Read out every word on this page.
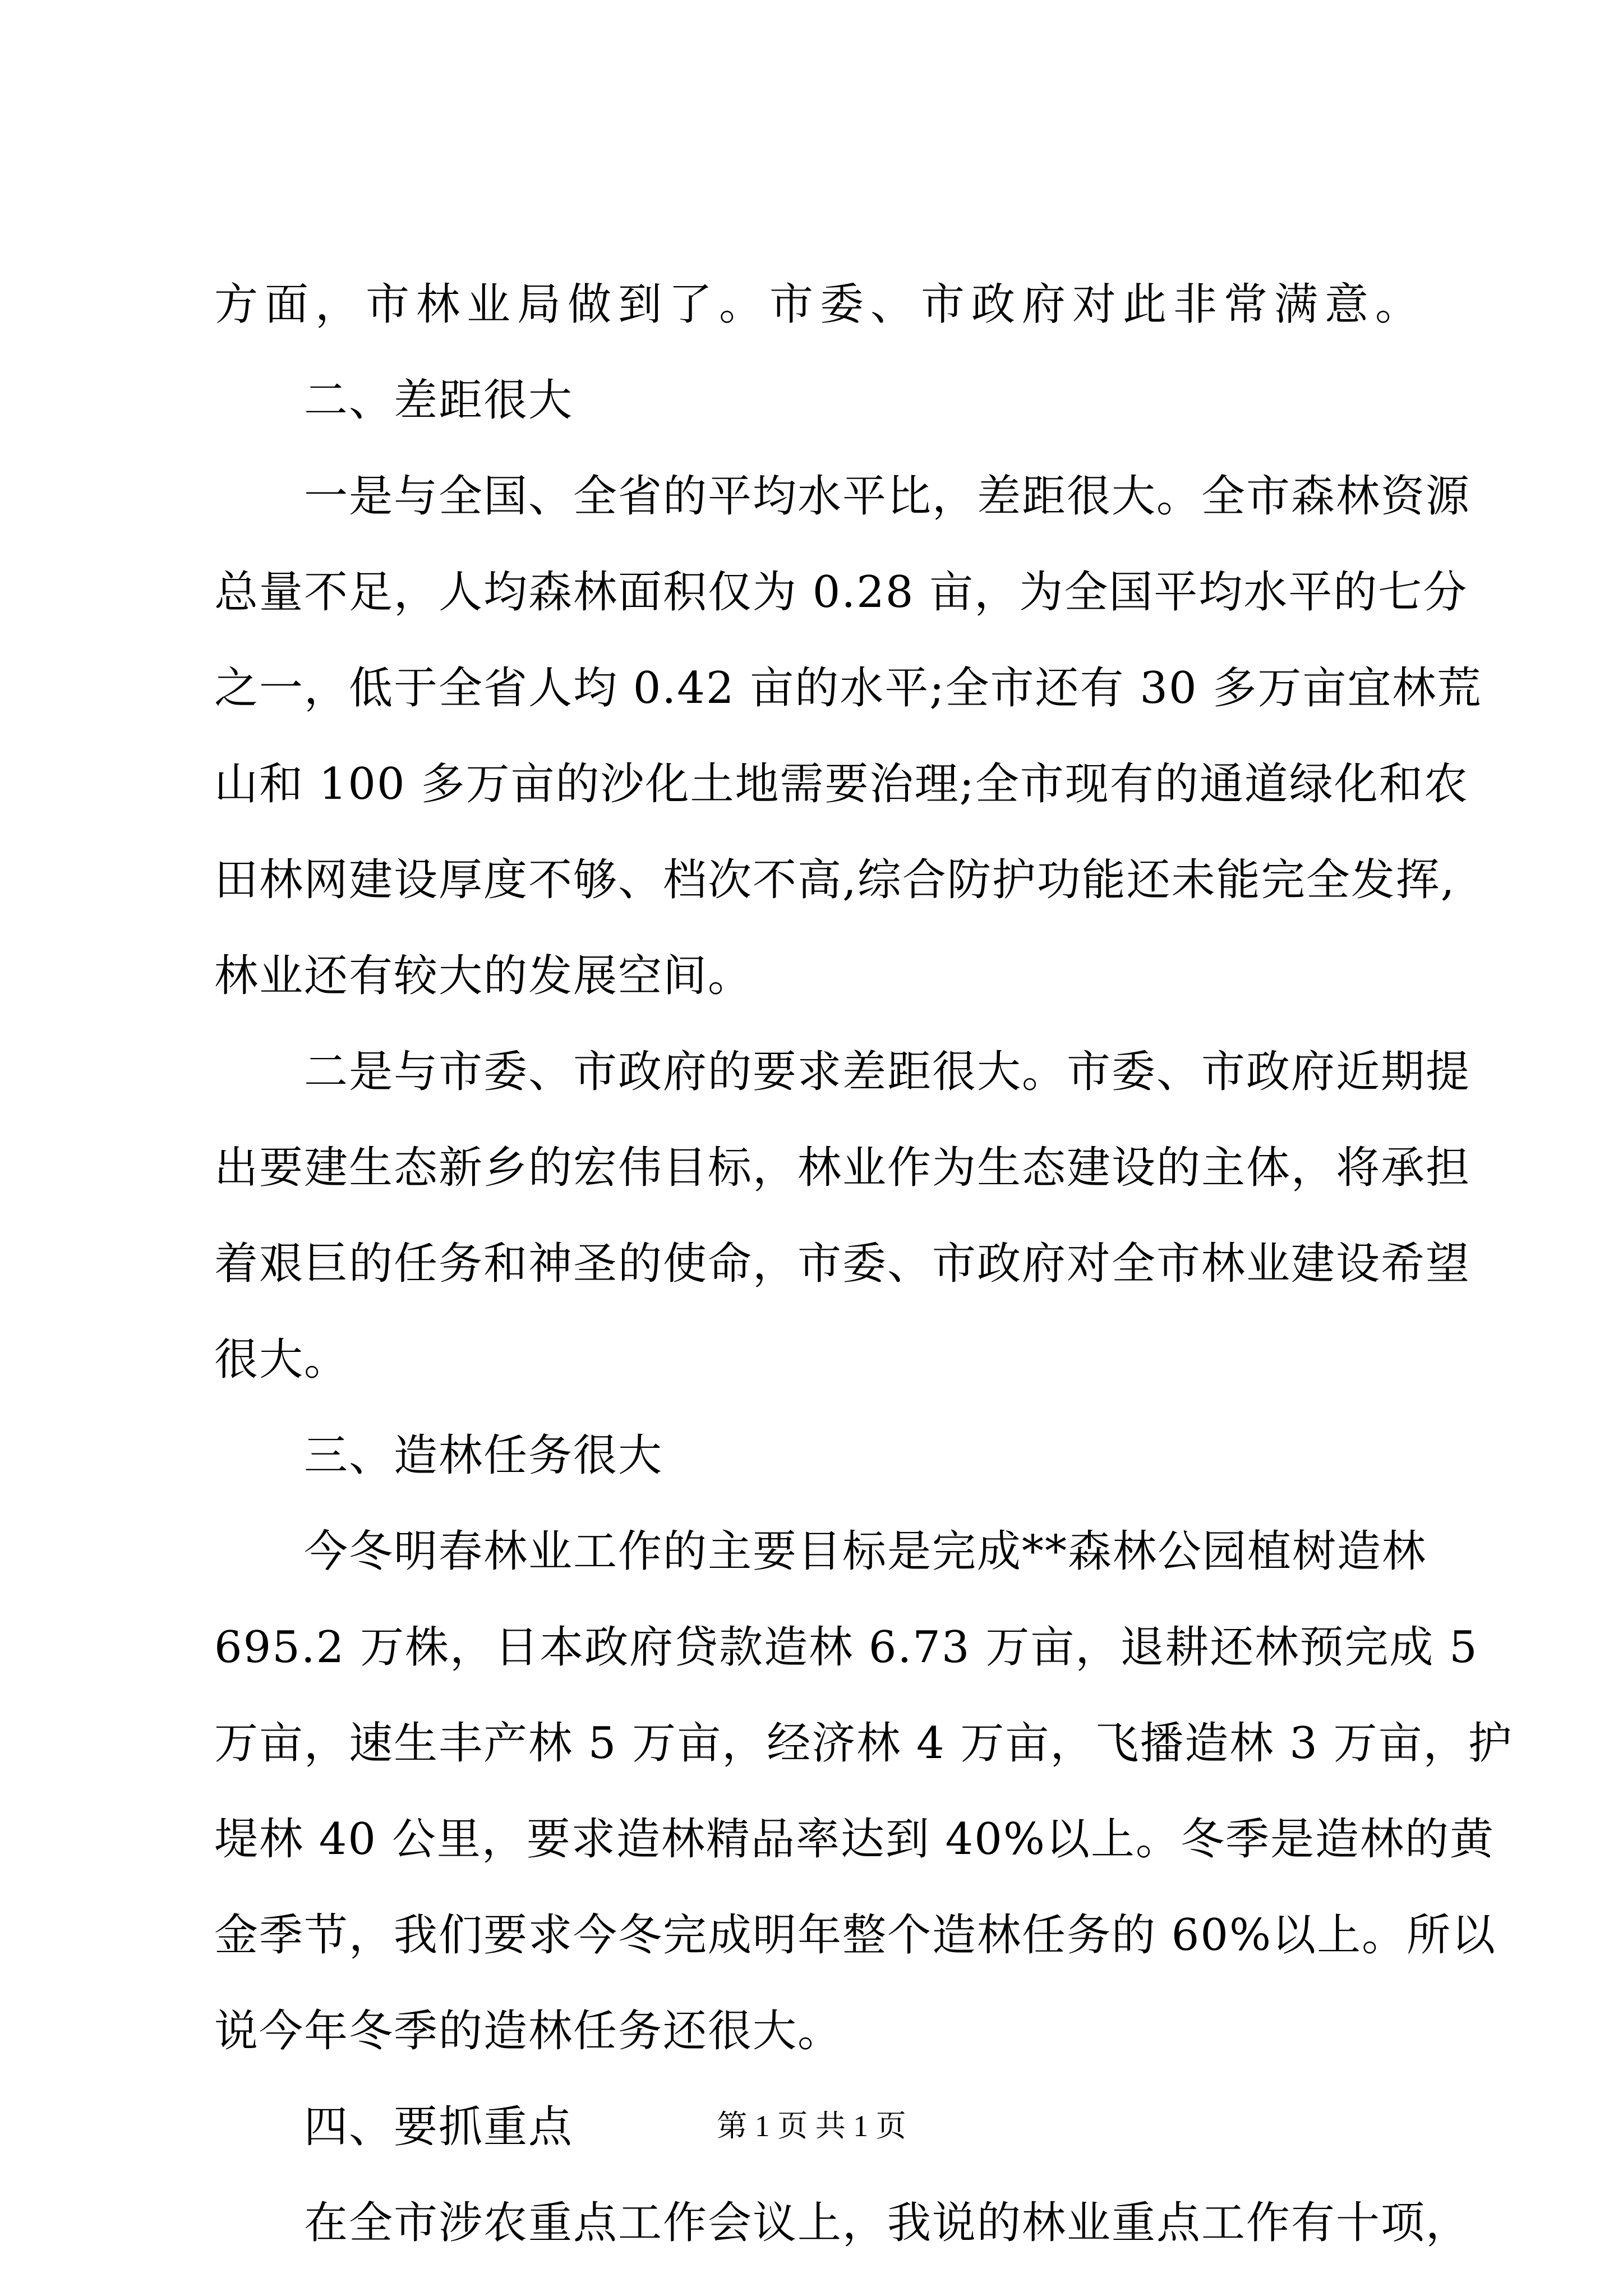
方面，市林业局做到了。市委、市政府对此非常满意。
二、差距很大
一是与全国、全省的平均水平比，差距很大。全市森林资源
总量不足，人均森林面积仅为 0.28 亩，为全国平均水平的七分
之一，低于全省人均 0.42 亩的水平;全市还有 30 多万亩宜林荒
山和 100 多万亩的沙化土地需要治理;全市现有的通道绿化和农
田林网建设厚度不够、档次不高,综合防护功能还未能完全发挥,
林业还有较大的发展空间。
二是与市委、市政府的要求差距很大。市委、市政府近期提
出要建生态新乡的宏伟目标，林业作为生态建设的主体，将承担
着艰巨的任务和神圣的使命，市委、市政府对全市林业建设希望
很大。
三、造林任务很大
今冬明春林业工作的主要目标是完成**森林公园植树造林
695.2 万株，日本政府贷款造林 6.73 万亩，退耕还林预完成 5
万亩，速生丰产林 5 万亩，经济林 4 万亩，飞播造林 3 万亩，护
堤林 40 公里，要求造林精品率达到 40%以上。冬季是造林的黄
金季节，我们要求今冬完成明年整个造林任务的 60%以上。所以
说今年冬季的造林任务还很大。
四、要抓重点
在全市涉农重点工作会议上，我说的林业重点工作有十项，
第 1 页 共 1 页
